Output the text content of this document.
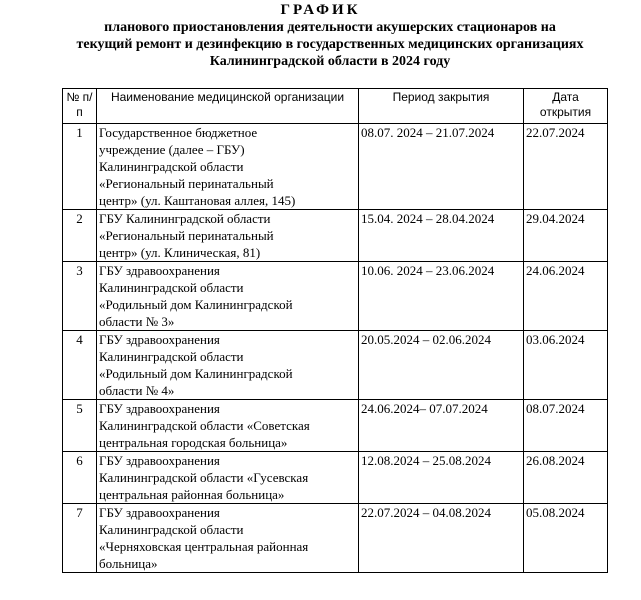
ГРАФИК
планового приостановления деятельности акушерских стационаров на
текущий ремонт и дезинфекцию в государственных медицинских организациях
Калининградской области в 2024 году
№ п/п	Наименование медицинской организации	Период закрытия	Дата открытия
1	Государственное бюджетное
учреждение (далее – ГБУ)
Калининградской области
«Региональный перинатальный
центр» (ул. Каштановая аллея, 145)	08.07. 2024 – 21.07.2024	22.07.2024
2	ГБУ Калининградской области
«Региональный перинатальный
центр» (ул. Клиническая, 81)	15.04. 2024 – 28.04.2024	29.04.2024
3	ГБУ здравоохранения
Калининградской области
«Родильный дом Калининградской
области № 3»	10.06. 2024 – 23.06.2024	24.06.2024
4	ГБУ здравоохранения
Калининградской области
«Родильный дом Калининградской
области № 4»	20.05.2024 – 02.06.2024	03.06.2024
5	ГБУ здравоохранения
Калининградской области «Советская
центральная городская больница»	24.06.2024– 07.07.2024	08.07.2024
6	ГБУ здравоохранения
Калининградской области «Гусевская
центральная районная больница»	12.08.2024 – 25.08.2024	26.08.2024
7	ГБУ здравоохранения
Калининградской области
«Черняховская центральная районная
больница»	22.07.2024 – 04.08.2024	05.08.2024
